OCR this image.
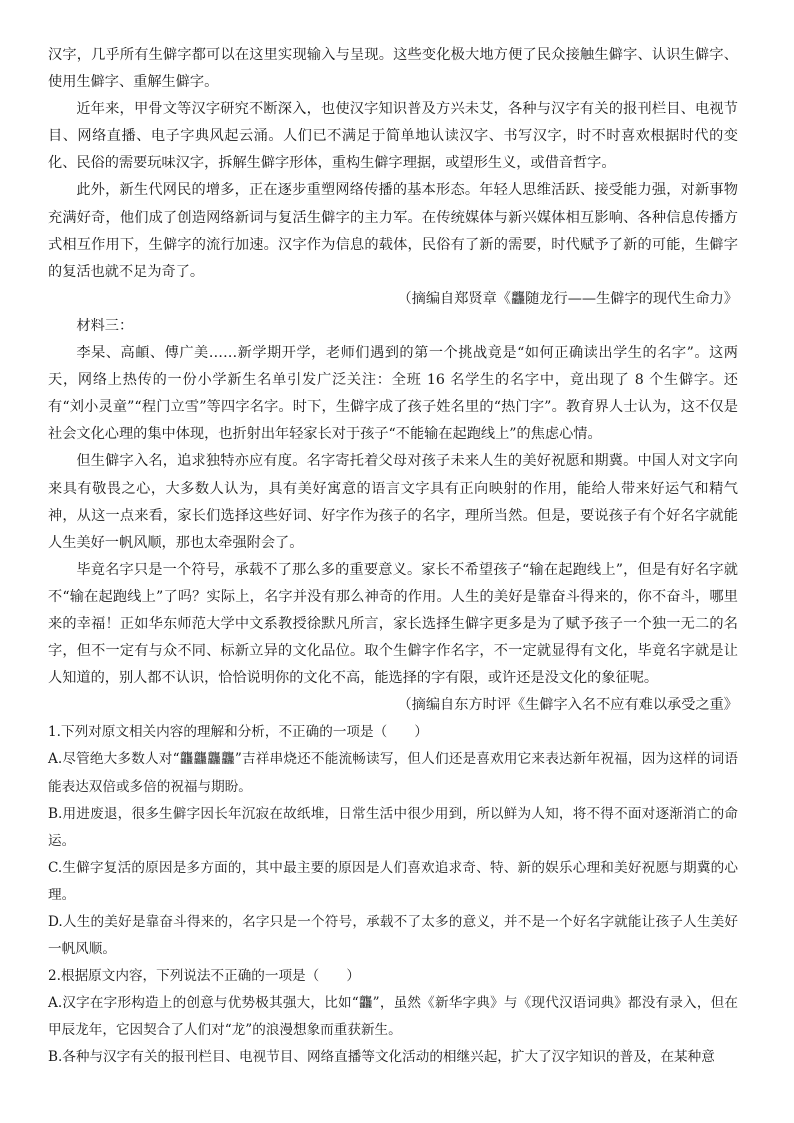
汉字，几乎所有生僻字都可以在这里实现输入与呈现。这些变化极大地方便了民众接触生僻字、认识生僻字、使用生僻字、重解生僻字。

近年来，甲骨文等汉字研究不断深入，也使汉字知识普及方兴未艾，各种与汉字有关的报刊栏目、电视节目、网络直播、电子字典风起云涌。人们已不满足于简单地认读汉字、书写汉字，时不时喜欢根据时代的变化、民俗的需要玩味汉字，拆解生僻字形体，重构生僻字理据，或望形生义，或借音哲字。

此外，新生代网民的增多，正在逐步重塑网络传播的基本形态。年轻人思维活跃、接受能力强，对新事物充满好奇，他们成了创造网络新词与复活生僻字的主力军。在传统媒体与新兴媒体相互影响、各种信息传播方式相互作用下，生僻字的流行加速。汉字作为信息的载体，民俗有了新的需要，时代赋予了新的可能，生僻字的复活也就不足为奇了。

（摘编自郑贤章《龘随龙行——生僻字的现代生命力》

材料三：

李杲、高頔、傅广美……新学期开学，老师们遇到的第一个挑战竟是“如何正确读出学生的名字”。这两天，网络上热传的一份小学新生名单引发广泛关注：全班 16 名学生的名字中，竟出现了 8 个生僻字。还有“刘小灵童”“程门立雪”等四字名字。时下，生僻字成了孩子姓名里的“热门字”。教育界人士认为，这不仅是社会文化心理的集中体现，也折射出年轻家长对于孩子“不能输在起跑线上”的焦虑心情。

但生僻字入名，追求独特亦应有度。名字寄托着父母对孩子未来人生的美好祝愿和期冀。中国人对文字向来具有敬畏之心，大多数人认为，具有美好寓意的语言文字具有正向映射的作用，能给人带来好运气和精气神，从这一点来看，家长们选择这些好词、好字作为孩子的名字，理所当然。但是，要说孩子有个好名字就能人生美好一帆风顺，那也太牵强附会了。

毕竟名字只是一个符号，承载不了那么多的重要意义。家长不希望孩子“输在起跑线上”，但是有好名字就不“输在起跑线上”了吗？实际上，名字并没有那么神奇的作用。人生的美好是靠奋斗得来的，你不奋斗，哪里来的幸福！正如华东师范大学中文系教授徐默凡所言，家长选择生僻字更多是为了赋予孩子一个独一无二的名字，但不一定有与众不同、标新立异的文化品位。取个生僻字作名字，不一定就显得有文化，毕竟名字就是让人知道的，别人都不认识，恰恰说明你的文化不高，能选择的字有限，或许还是没文化的象征呢。

（摘编自东方时评《生僻字入名不应有难以承受之重》

1.下列对原文相关内容的理解和分析，不正确的一项是（　　）

A.尽管绝大多数人对“龘龘龘龘”吉祥串烧还不能流畅读写，但人们还是喜欢用它来表达新年祝福，因为这样的词语能表达双倍或多倍的祝福与期盼。

B.用进废退，很多生僻字因长年沉寂在故纸堆，日常生活中很少用到，所以鲜为人知，将不得不面对逐渐消亡的命运。

C.生僻字复活的原因是多方面的，其中最主要的原因是人们喜欢追求奇、特、新的娱乐心理和美好祝愿与期冀的心理。

D.人生的美好是靠奋斗得来的，名字只是一个符号，承载不了太多的意义，并不是一个好名字就能让孩子人生美好一帆风顺。

2.根据原文内容，下列说法不正确的一项是（　　）

A.汉字在字形构造上的创意与优势极其强大，比如“龘”，虽然《新华字典》与《现代汉语词典》都没有录入，但在甲辰龙年，它因契合了人们对“龙”的浪漫想象而重获新生。

B.各种与汉字有关的报刊栏目、电视节目、网络直播等文化活动的相继兴起，扩大了汉字知识的普及，在某种意
